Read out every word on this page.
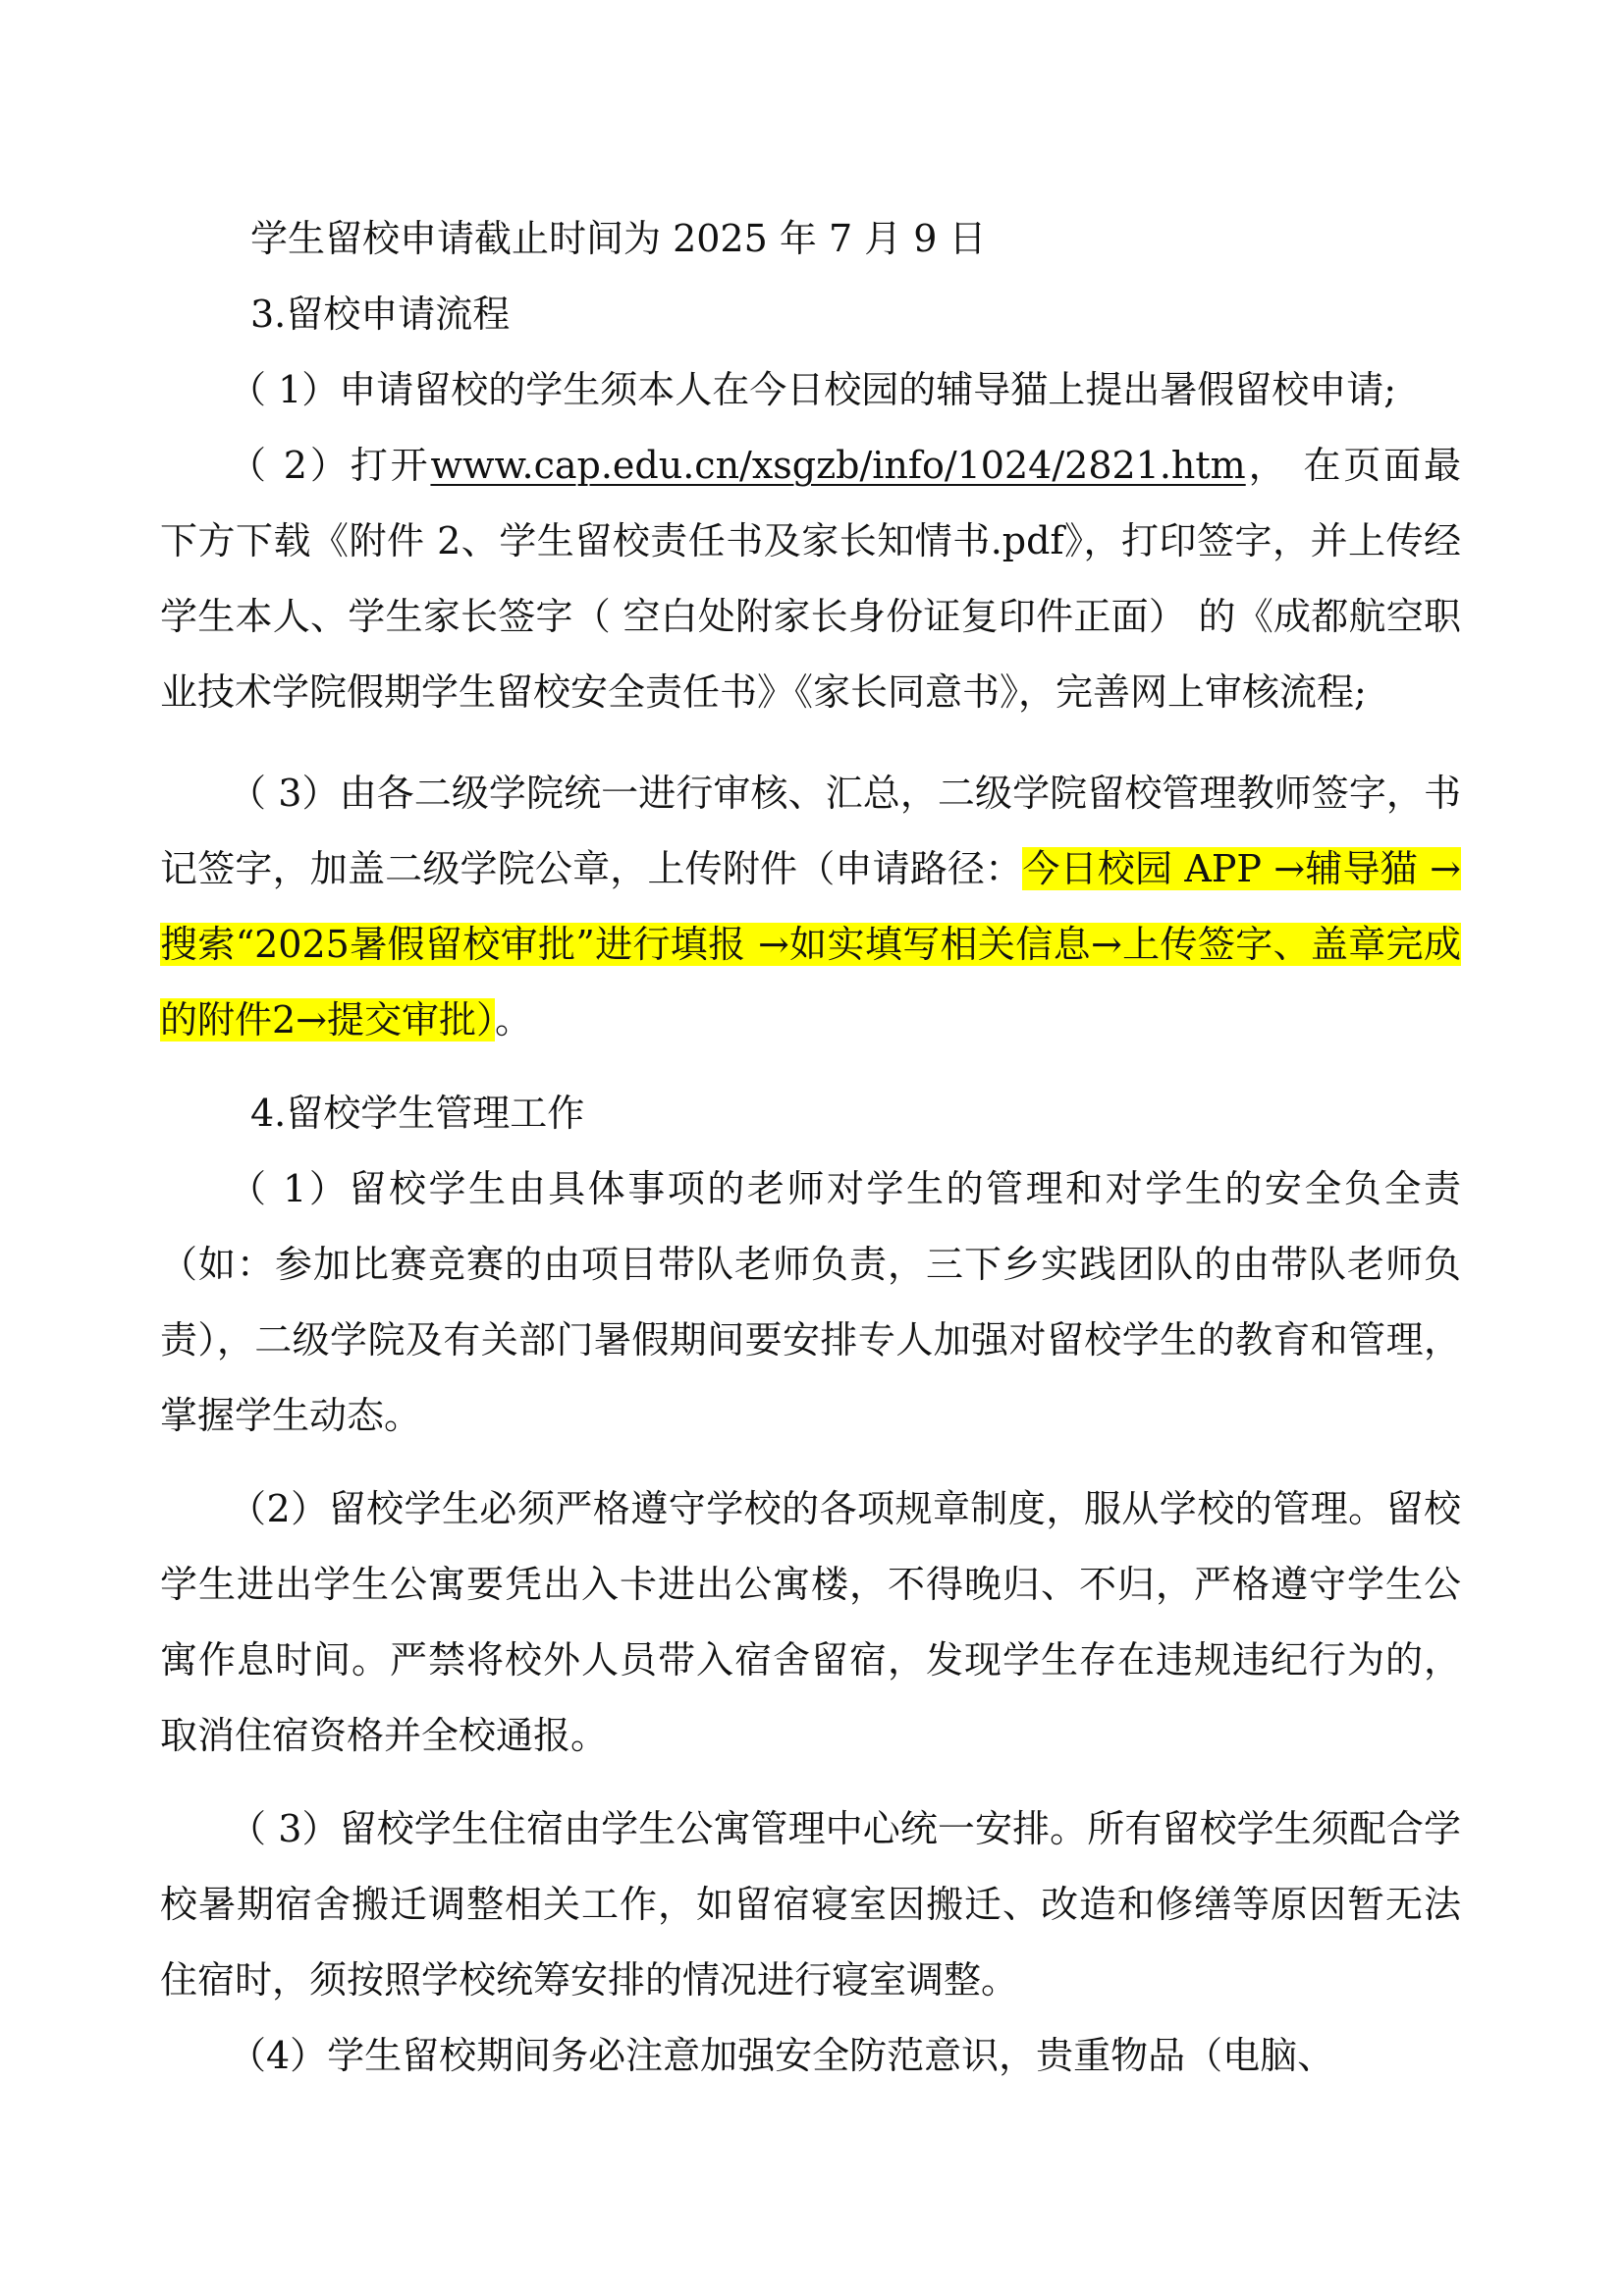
学生留校申请截止时间为 2025 年 7 月 9 日

3.留校申请流程

（ 1）申请留校的学生须本人在今日校园的辅导猫上提出暑假留校申请;

（ 2）打开www.cap.edu.cn/xsgzb/info/1024/2821.htm， 在页面最下方下载《附件 2、学生留校责任书及家长知情书.pdf》，打印签字，并上传经学生本人、学生家长签字（ 空白处附家长身份证复印件正面） 的《成都航空职业技术学院假期学生留校安全责任书》《家长同意书》，完善网上审核流程;

（ 3）由各二级学院统一进行审核、汇总，二级学院留校管理教师签字，书记签字，加盖二级学院公章，上传附件（申请路径：今日校园 APP →辅导猫 →搜索“2025暑假留校审批”进行填报 →如实填写相关信息→上传签字、盖章完成的附件2→提交审批）。

4.留校学生管理工作

（ 1）留校学生由具体事项的老师对学生的管理和对学生的安全负全责（如：参加比赛竞赛的由项目带队老师负责，三下乡实践团队的由带队老师负责），二级学院及有关部门暑假期间要安排专人加强对留校学生的教育和管理，掌握学生动态。

（2）留校学生必须严格遵守学校的各项规章制度，服从学校的管理。留校学生进出学生公寓要凭出入卡进出公寓楼，不得晚归、不归，严格遵守学生公寓作息时间。严禁将校外人员带入宿舍留宿，发现学生存在违规违纪行为的，取消住宿资格并全校通报。

（ 3）留校学生住宿由学生公寓管理中心统一安排。所有留校学生须配合学校暑期宿舍搬迁调整相关工作，如留宿寝室因搬迁、改造和修缮等原因暂无法住宿时，须按照学校统筹安排的情况进行寝室调整。

（4）学生留校期间务必注意加强安全防范意识，贵重物品（电脑、
